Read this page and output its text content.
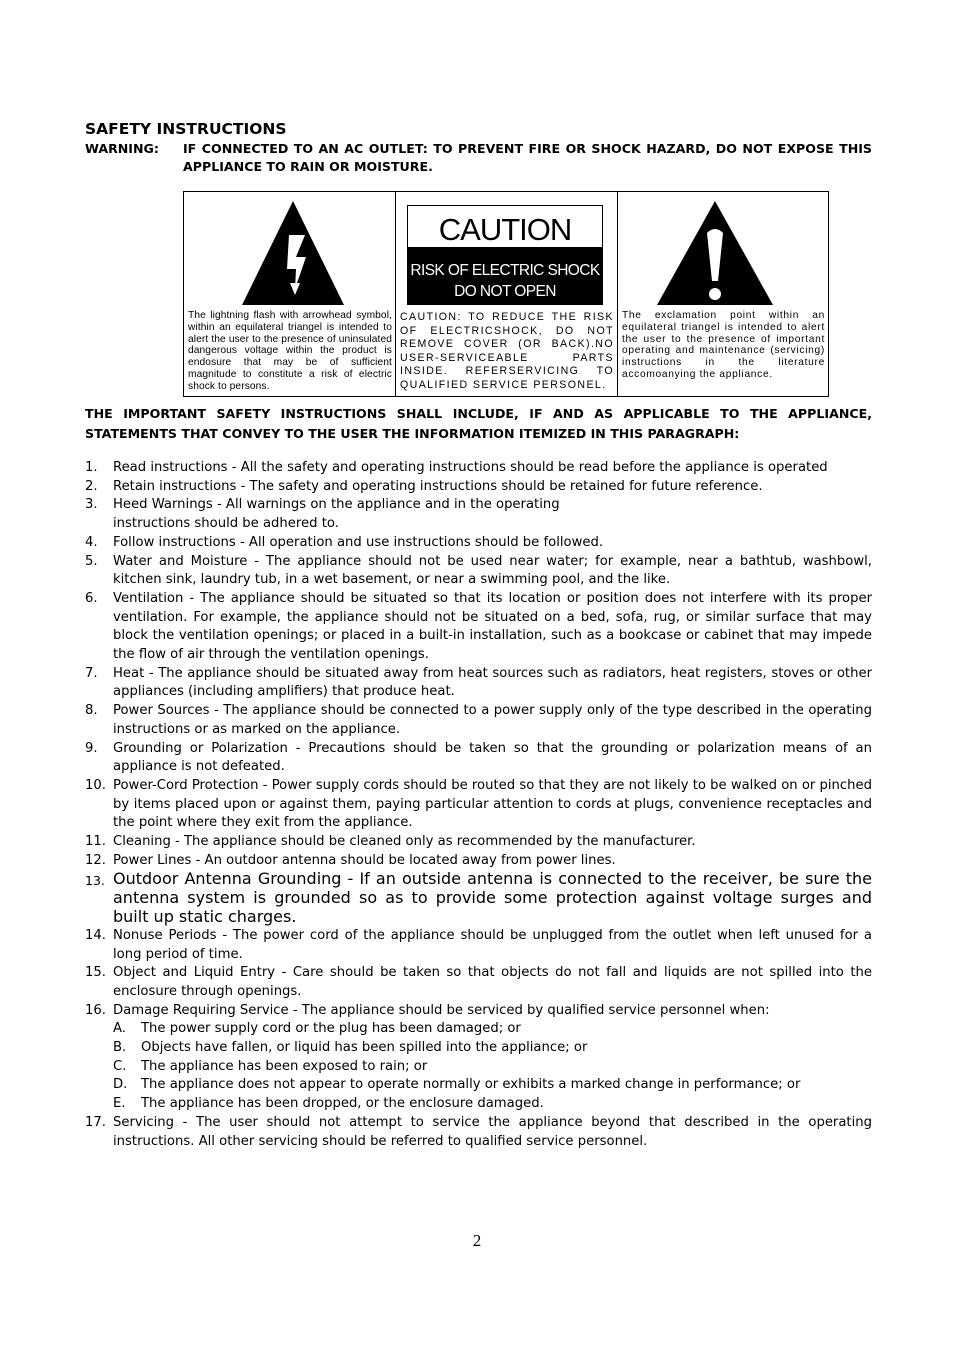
SAFETY INSTRUCTIONS
WARNING:	IF CONNECTED TO AN AC OUTLET: TO PREVENT FIRE OR SHOCK HAZARD, DO NOT EXPOSE THIS APPLIANCE TO RAIN OR MOISTURE.
The lightning flash with arrowhead symbol, within an equilateral triangel is intended to alert the user to the presence of uninsulated dangerous voltage within the product is endosure that may be of sufficient magnitude to constitute a risk of electric shock to persons.
CAUTION
RISK OF ELECTRIC SHOCK
DO NOT OPEN
CAUTION: TO REDUCE THE RISK OF ELECTRICSHOCK, DO NOT REMOVE COVER (OR BACK).NO USER-SERVICEABLE PARTS INSIDE. REFERSERVICING TO QUALIFIED SERVICE PERSONEL.
The exclamation point within an equilateral triangel is intended to alert the user to the presence of important operating and maintenance (servicing) instructions in the literature accomoanying the appliance.
THE IMPORTANT SAFETY INSTRUCTIONS SHALL INCLUDE, IF AND AS APPLICABLE TO THE APPLIANCE, STATEMENTS THAT CONVEY TO THE USER THE INFORMATION ITEMIZED IN THIS PARAGRAPH:
1.	Read instructions - All the safety and operating instructions should be read before the appliance is operated
2.	Retain instructions - The safety and operating instructions should be retained for future reference.
3.	Heed Warnings - All warnings on the appliance and in the operating
instructions should be adhered to.
4.	Follow instructions - All operation and use instructions should be followed.
5.	Water and Moisture - The appliance should not be used near water; for example, near a bathtub, washbowl, kitchen sink, laundry tub, in a wet basement, or near a swimming pool, and the like.
6.	Ventilation - The appliance should be situated so that its location or position does not interfere with its proper ventilation. For example, the appliance should not be situated on a bed, sofa, rug, or similar surface that may block the ventilation openings; or placed in a built-in installation, such as a bookcase or cabinet that may impede the flow of air through the ventilation openings.
7.	Heat - The appliance should be situated away from heat sources such as radiators, heat registers, stoves or other appliances (including amplifiers) that produce heat.
8.	Power Sources - The appliance should be connected to a power supply only of the type described in the operating instructions or as marked on the appliance.
9.	Grounding or Polarization - Precautions should be taken so that the grounding or polarization means of an appliance is not defeated.
10. Power-Cord Protection - Power supply cords should be routed so that they are not likely to be walked on or pinched by items placed upon or against them, paying particular attention to cords at plugs, convenience receptacles and the point where they exit from the appliance.
11. Cleaning - The appliance should be cleaned only as recommended by the manufacturer.
12. Power Lines - An outdoor antenna should be located away from power lines.
13. Outdoor Antenna Grounding - If an outside antenna is connected to the receiver, be sure the antenna system is grounded so as to provide some protection against voltage surges and built up static charges.
14. Nonuse Periods - The power cord of the appliance should be unplugged from the outlet when left unused for a long period of time.
15. Object and Liquid Entry - Care should be taken so that objects do not fall and liquids are not spilled into the enclosure through openings.
16. Damage Requiring Service - The appliance should be serviced by qualified service personnel when:
A.	The power supply cord or the plug has been damaged; or
B.	Objects have fallen, or liquid has been spilled into the appliance; or
C.	The appliance has been exposed to rain; or
D.	The appliance does not appear to operate normally or exhibits a marked change in performance; or
E.	The appliance has been dropped, or the enclosure damaged.
17. Servicing - The user should not attempt to service the appliance beyond that described in the operating instructions. All other servicing should be referred to qualified service personnel.
2
